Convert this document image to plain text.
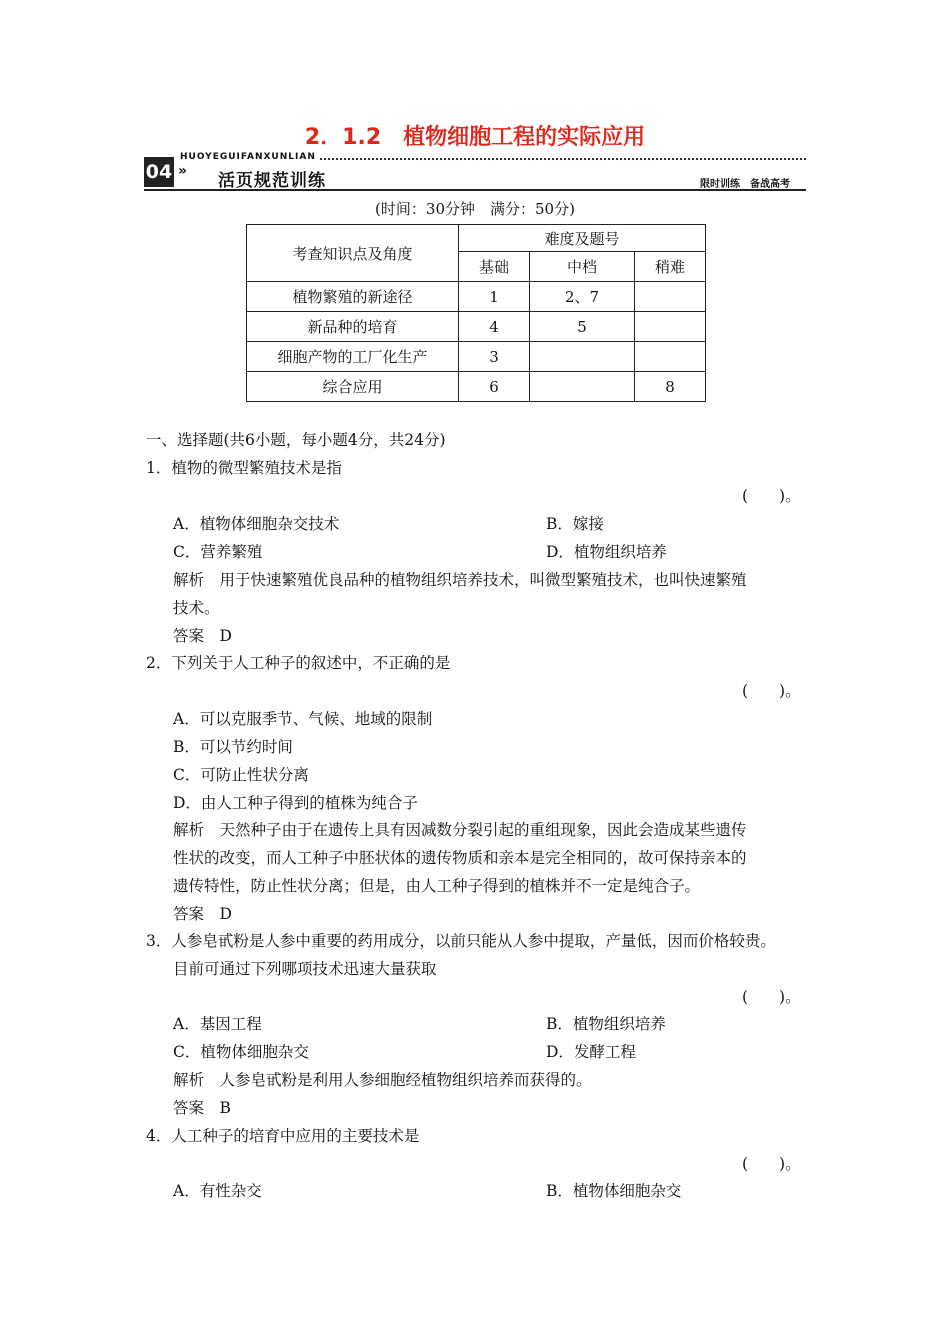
2．1.2　植物细胞工程的实际应用
HUOYEGUIFANXUNLIAN
04 » 活页规范训练	限时训练　备战高考
(时间：30分钟　满分：50分)
考查知识点及角度	难度及题号		
	基础	中档	稍难
植物繁殖的新途径	1	2、7	
新品种的培育	4	5	
细胞产物的工厂化生产	3		
综合应用	6		8
一、选择题(共6小题，每小题4分，共24分)
1．植物的微型繁殖技术是指
(　　)。
A．植物体细胞杂交技术	B．嫁接
C．营养繁殖	D．植物组织培养
解析　用于快速繁殖优良品种的植物组织培养技术，叫微型繁殖技术，也叫快速繁殖
技术。
答案　D
2．下列关于人工种子的叙述中，不正确的是
(　　)。
A．可以克服季节、气候、地域的限制
B．可以节约时间
C．可防止性状分离
D．由人工种子得到的植株为纯合子
解析　天然种子由于在遗传上具有因减数分裂引起的重组现象，因此会造成某些遗传
性状的改变，而人工种子中胚状体的遗传物质和亲本是完全相同的，故可保持亲本的
遗传特性，防止性状分离；但是，由人工种子得到的植株并不一定是纯合子。
答案　D
3．人参皂甙粉是人参中重要的药用成分，以前只能从人参中提取，产量低，因而价格较贵。
目前可通过下列哪项技术迅速大量获取
(　　)。
A．基因工程	B．植物组织培养
C．植物体细胞杂交	D．发酵工程
解析　人参皂甙粉是利用人参细胞经植物组织培养而获得的。
答案　B
4．人工种子的培育中应用的主要技术是
(　　)。
A．有性杂交	B．植物体细胞杂交
